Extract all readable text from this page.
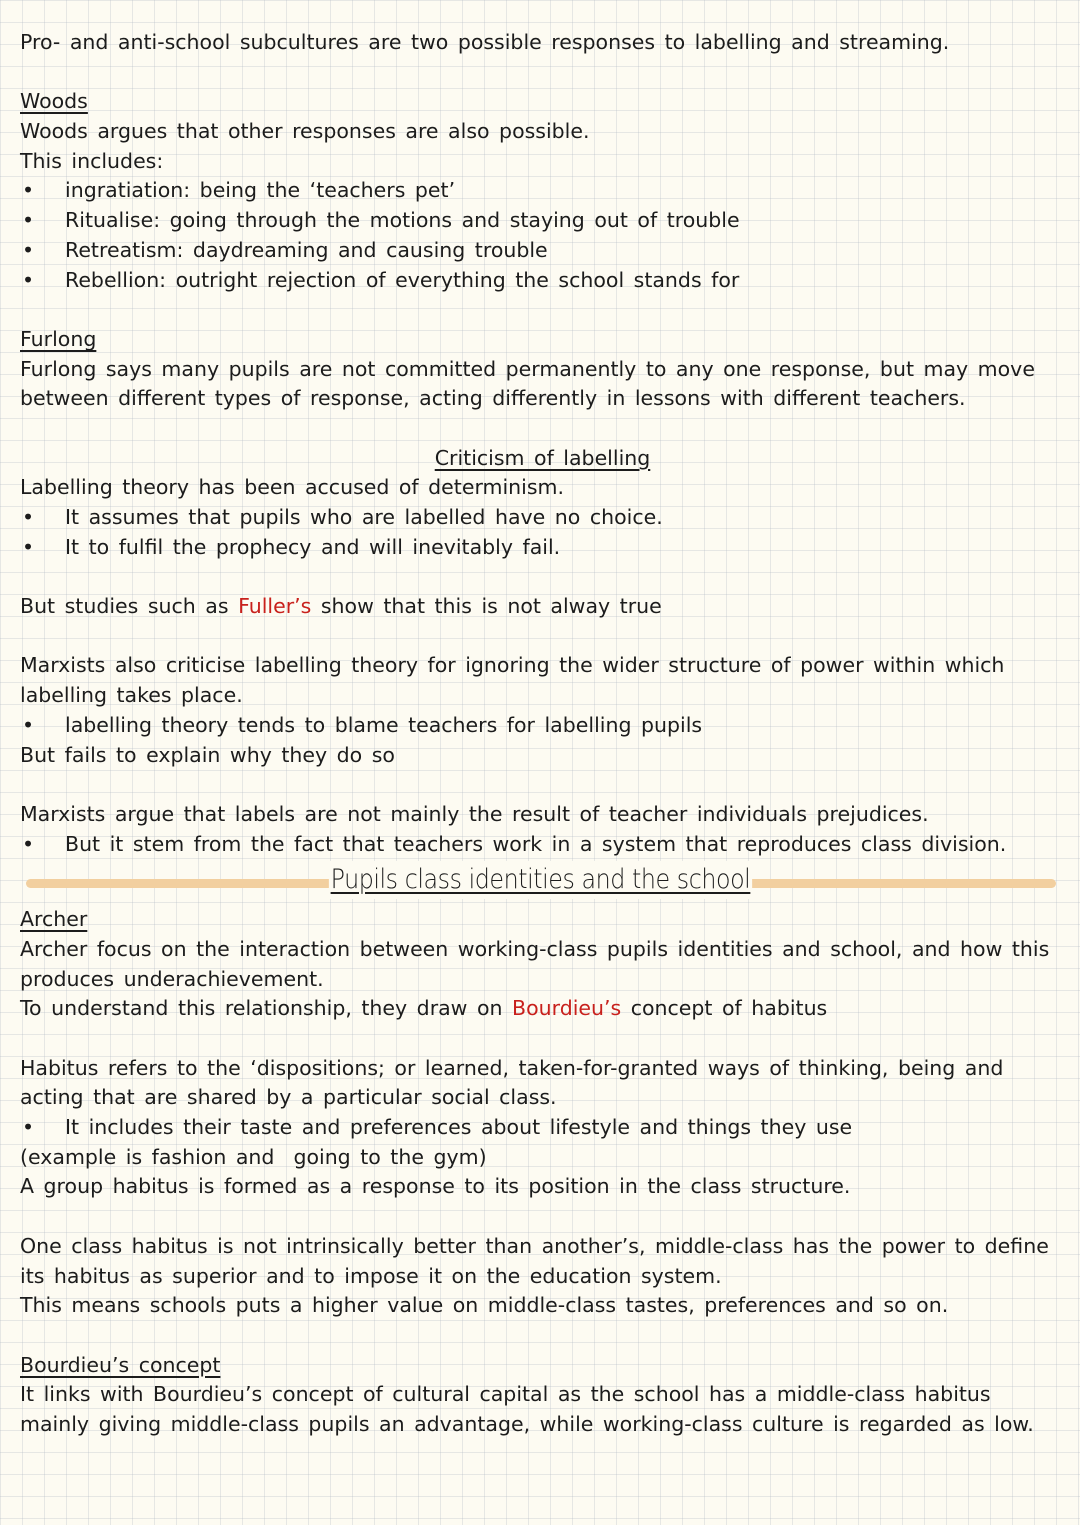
Pro- and anti-school subcultures are two possible responses to labelling and streaming.
Woods
Woods argues that other responses are also possible.
This includes:
• ingratiation: being the ‘teachers pet’
• Ritualise: going through the motions and staying out of trouble
• Retreatism: daydreaming and causing trouble
• Rebellion: outright rejection of everything the school stands for
Furlong
Furlong says many pupils are not committed permanently to any one response, but may move
between different types of response, acting differently in lessons with different teachers.
Criticism of labelling
Labelling theory has been accused of determinism.
• It assumes that pupils who are labelled have no choice.
• It to fulfil the prophecy and will inevitably fail.
But studies such as Fuller’s show that this is not alway true
Marxists also criticise labelling theory for ignoring the wider structure of power within which
labelling takes place.
• labelling theory tends to blame teachers for labelling pupils
But fails to explain why they do so
Marxists argue that labels are not mainly the result of teacher individuals prejudices.
• But it stem from the fact that teachers work in a system that reproduces class division.
Pupils class identities and the school
Archer
Archer focus on the interaction between working-class pupils identities and school, and how this
produces underachievement.
To understand this relationship, they draw on Bourdieu’s concept of habitus
Habitus refers to the ‘dispositions; or learned, taken-for-granted ways of thinking, being and
acting that are shared by a particular social class.
• It includes their taste and preferences about lifestyle and things they use
(example is fashion and  going to the gym)
A group habitus is formed as a response to its position in the class structure.
One class habitus is not intrinsically better than another’s, middle-class has the power to define
its habitus as superior and to impose it on the education system.
This means schools puts a higher value on middle-class tastes, preferences and so on.
Bourdieu’s concept
It links with Bourdieu’s concept of cultural capital as the school has a middle-class habitus
mainly giving middle-class pupils an advantage, while working-class culture is regarded as low.
